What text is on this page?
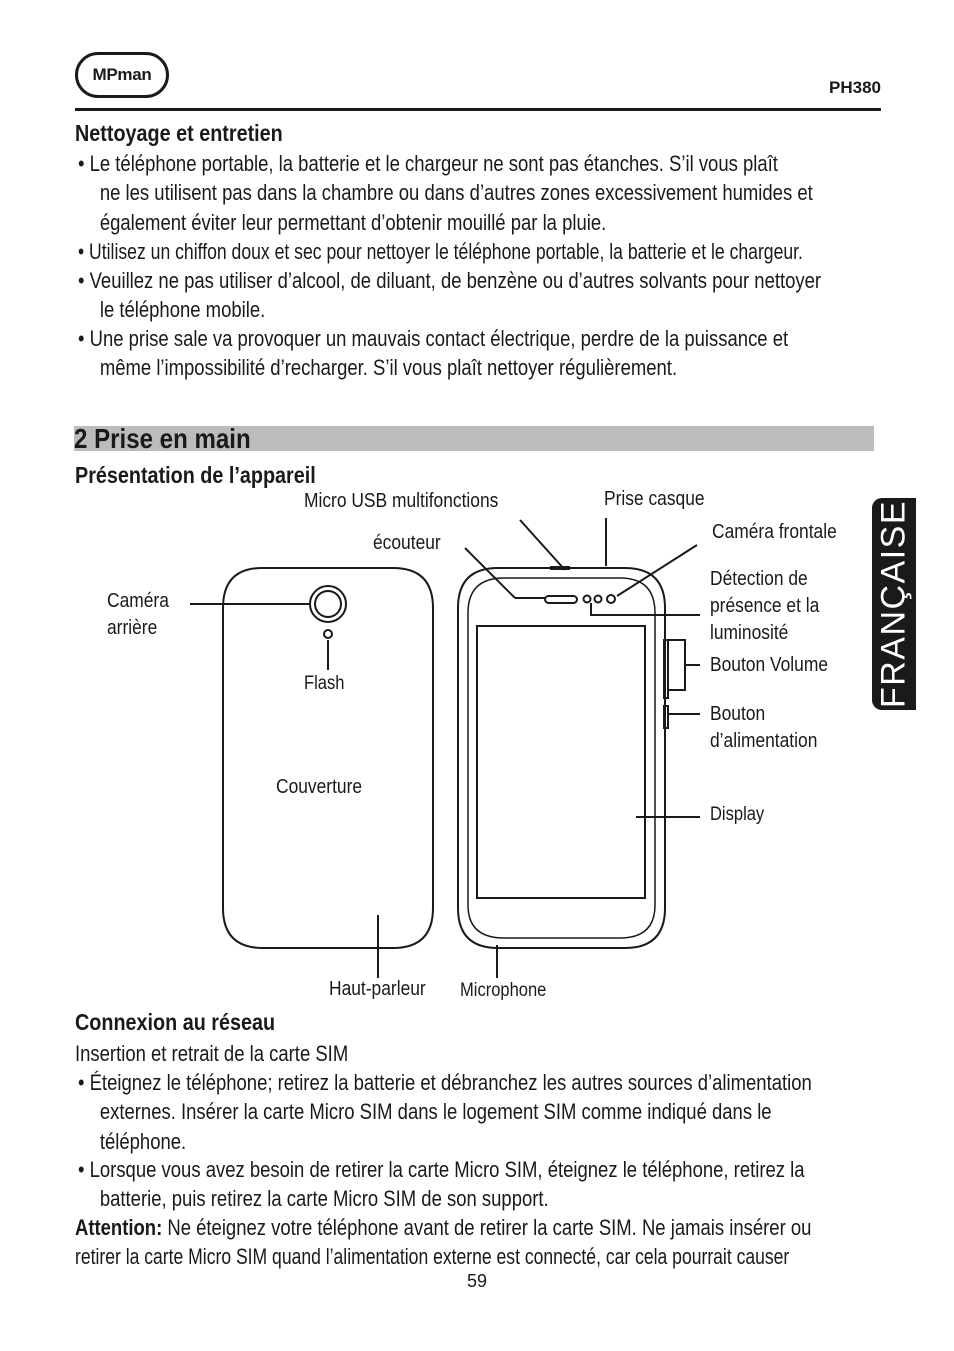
MPman
PH380
Nettoyage et entretien
• Le téléphone portable, la batterie et le chargeur ne sont pas étanches. S’il vous plaît
ne les utilisent pas dans la chambre ou dans d’autres zones excessivement humides et
également éviter leur permettant d’obtenir mouillé par la pluie.
• Utilisez un chiffon doux et sec pour nettoyer le téléphone portable, la batterie et le chargeur.
• Veuillez ne pas utiliser d’alcool, de diluant, de benzène ou d’autres solvants pour nettoyer
le téléphone mobile.
• Une prise sale va provoquer un mauvais contact électrique, perdre de la puissance et
même l’impossibilité d’recharger. S’il vous plaît nettoyer régulièrement.
2 Prise en main
Présentation de l’appareil
FRANÇAISE
Micro USB multifonctions	Prise casque
écouteur	Caméra frontale
Caméra
arrière
Détection de
présence et la
luminosité
Bouton Volume
Bouton
d’alimentation
Flash
Couverture
Display
Haut-parleur Microphone
Connexion au réseau
Insertion et retrait de la carte SIM
• Éteignez le téléphone; retirez la batterie et débranchez les autres sources d’alimentation
externes. Insérer la carte Micro SIM dans le logement SIM comme indiqué dans le
téléphone.
• Lorsque vous avez besoin de retirer la carte Micro SIM, éteignez le téléphone, retirez la
batterie, puis retirez la carte Micro SIM de son support.
Attention: Ne éteignez votre téléphone avant de retirer la carte SIM. Ne jamais insérer ou
retirer la carte Micro SIM quand l’alimentation externe est connecté, car cela pourrait causer
59
